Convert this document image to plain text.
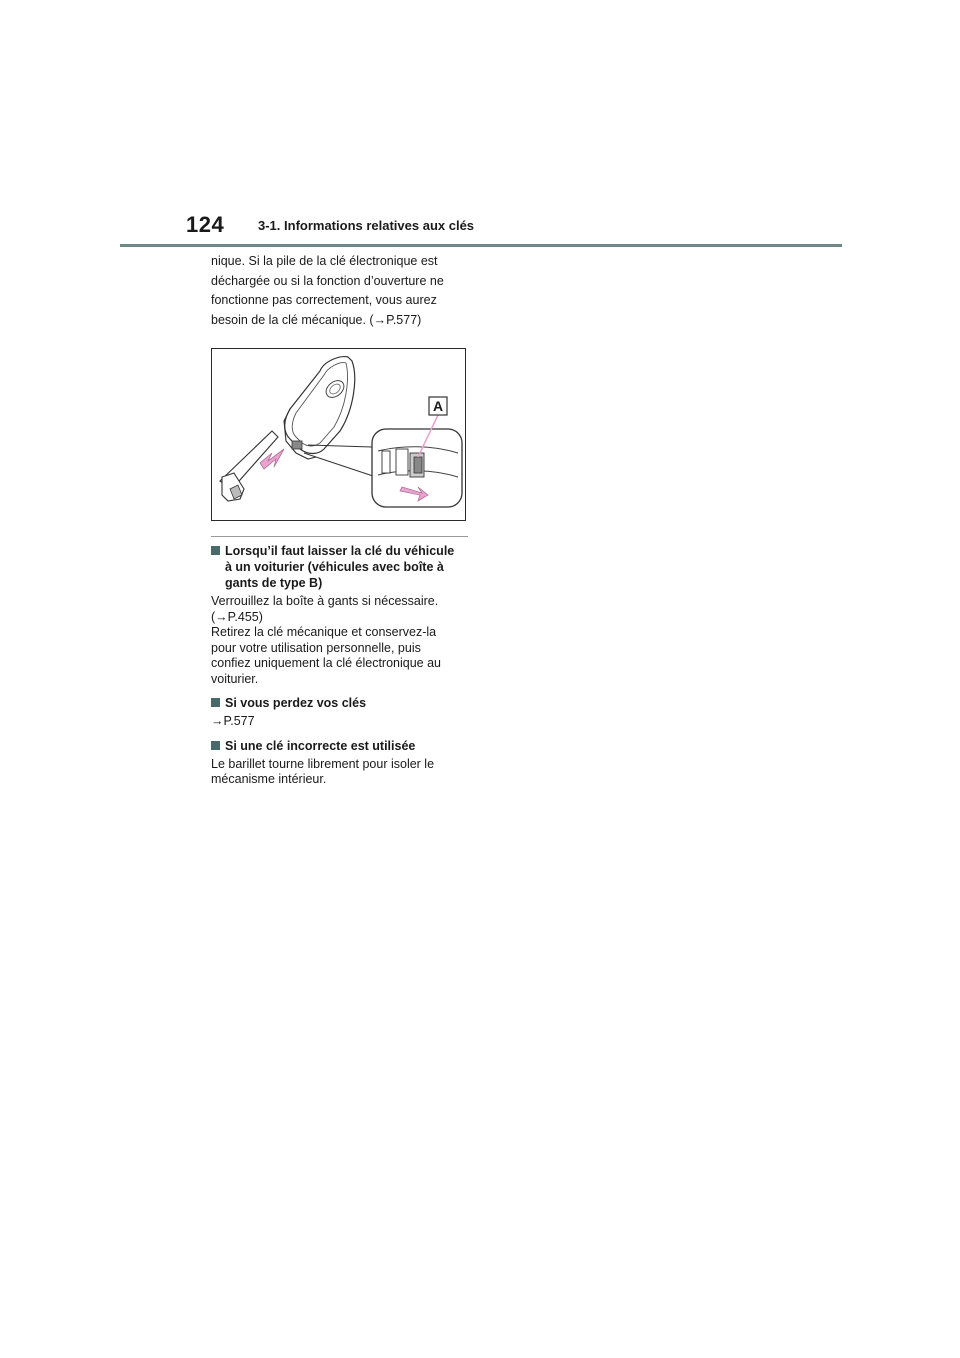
124	3-1. Informations relatives aux clés

nique. Si la pile de la clé électronique est

déchargée ou si la fonction d’ouverture ne

fonctionne pas correctement, vous aurez

besoin de la clé mécanique. (→P.577)

A
Lorsqu’il faut laisser la clé du véhicule
à un voiturier (véhicules avec boîte à
gants de type B)

Verrouillez la boîte à gants si nécessaire.
(→P.455)
Retirez la clé mécanique et conservez-la
pour votre utilisation personnelle, puis
confiez uniquement la clé électronique au
voiturier.

Si vous perdez vos clés

→P.577

Si une clé incorrecte est utilisée

Le barillet tourne librement pour isoler le
mécanisme intérieur.
